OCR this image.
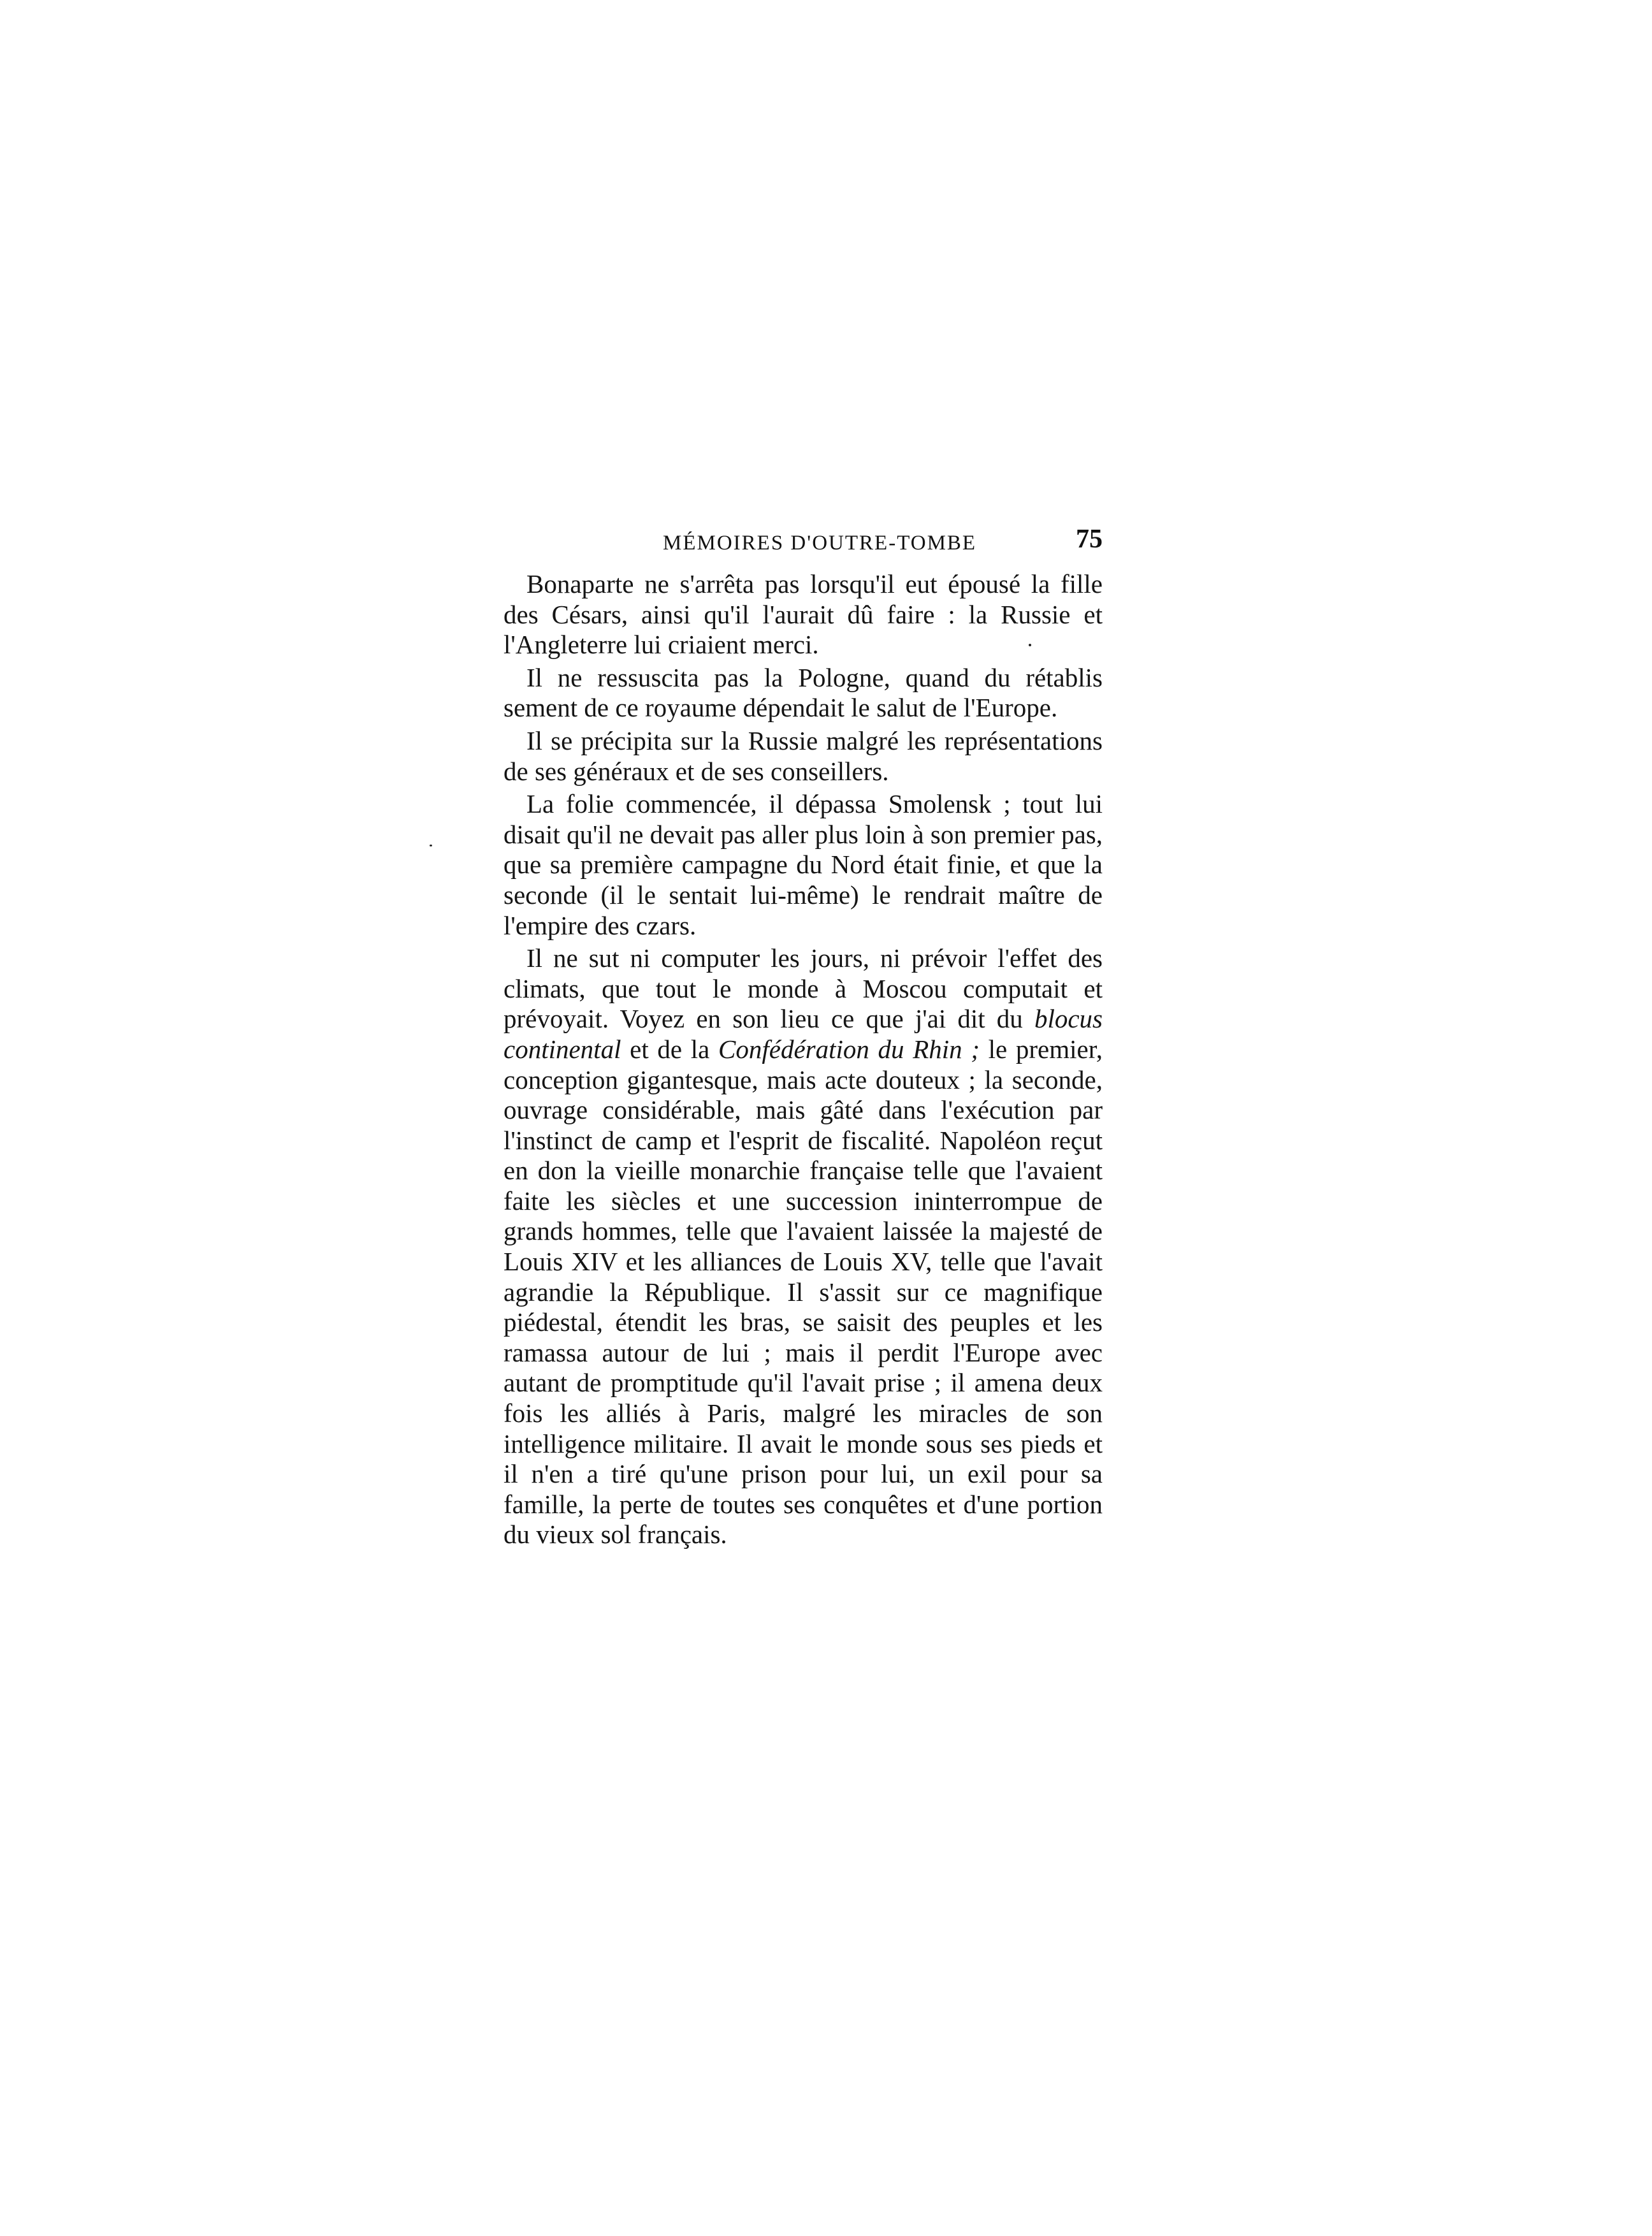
MÉMOIRES D'OUTRE-TOMBE	75

Bonaparte ne s'arrêta pas lorsqu'il eut épousé la fille des Césars, ainsi qu'il l'aurait dû faire : la Russie et l'Angleterre lui criaient merci.

Il ne ressuscita pas la Pologne, quand du rétablis sement de ce royaume dépendait le salut de l'Europe.

Il se précipita sur la Russie malgré les représentations de ses généraux et de ses conseillers.

La folie commencée, il dépassa Smolensk ; tout lui disait qu'il ne devait pas aller plus loin à son premier pas, que sa première campagne du Nord était finie, et que la seconde (il le sentait lui-même) le rendrait maître de l'empire des czars.

Il ne sut ni computer les jours, ni prévoir l'effet des climats, que tout le monde à Moscou computait et prévoyait. Voyez en son lieu ce que j'ai dit du blocus continental et de la Confédération du Rhin ; le premier, conception gigantesque, mais acte douteux ; la seconde, ouvrage considérable, mais gâté dans l'exécution par l'instinct de camp et l'esprit de fiscalité. Napoléon reçut en don la vieille monarchie française telle que l'avaient faite les siècles et une succession ininterrompue de grands hommes, telle que l'avaient laissée la majesté de Louis XIV et les alliances de Louis XV, telle que l'avait agrandie la République. Il s'assit sur ce magnifique piédestal, étendit les bras, se saisit des peuples et les ramassa autour de lui ; mais il perdit l'Europe avec autant de promptitude qu'il l'avait prise ; il amena deux fois les alliés à Paris, malgré les miracles de son intelligence militaire. Il avait le monde sous ses pieds et il n'en a tiré qu'une prison pour lui, un exil pour sa famille, la perte de toutes ses conquêtes et d'une portion du vieux sol français.
